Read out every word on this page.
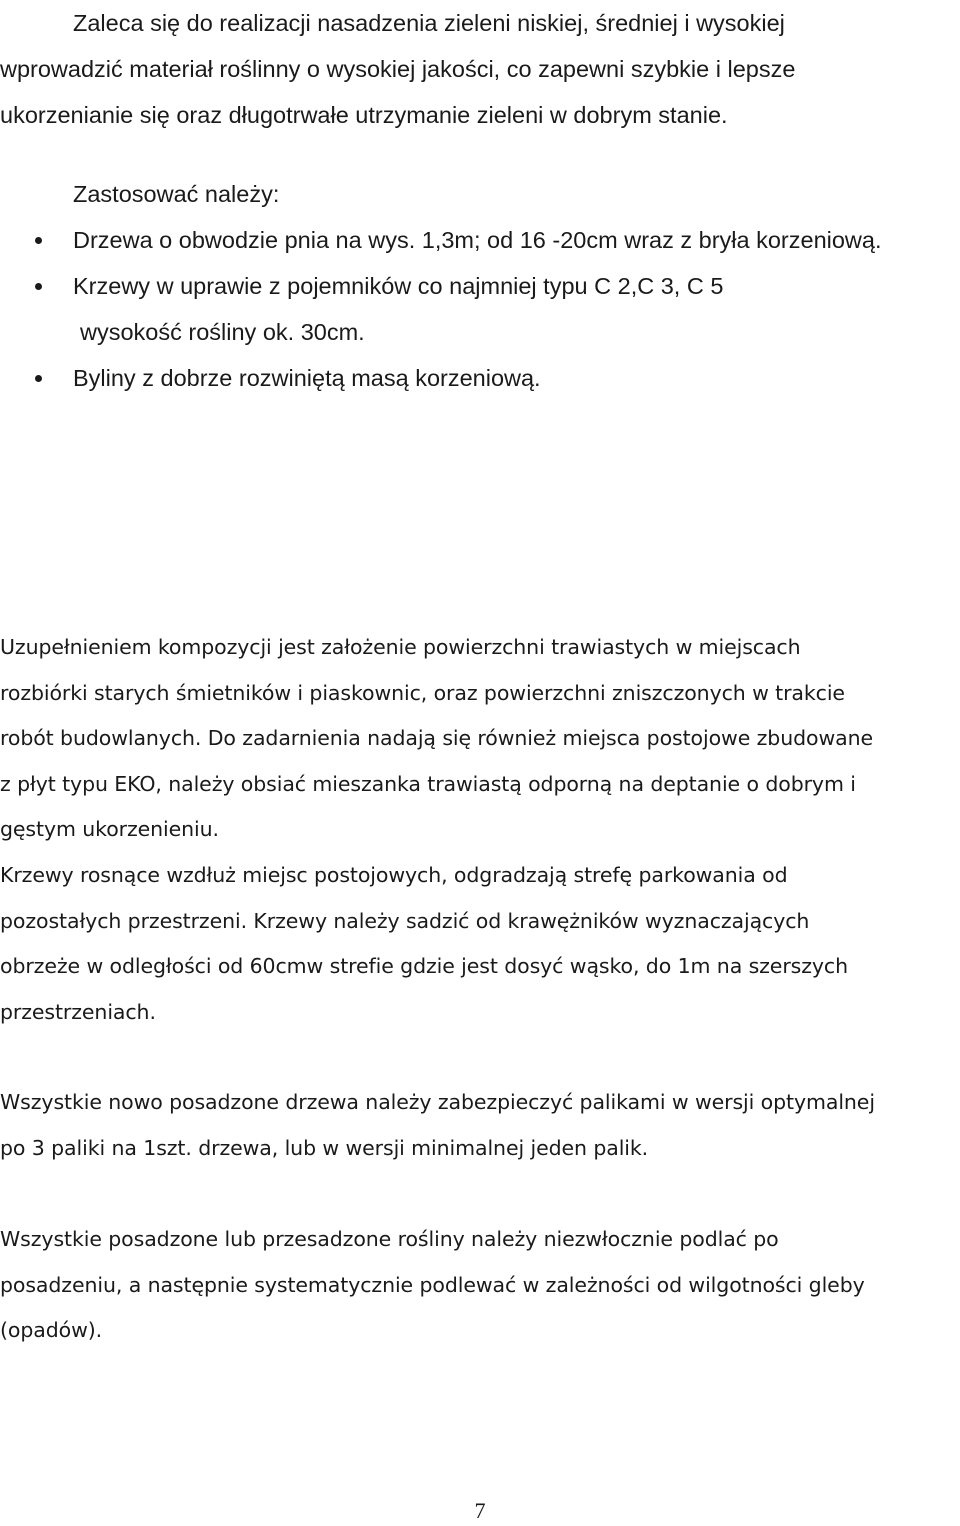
Zaleca się do realizacji nasadzenia zieleni niskiej, średniej i wysokiej
wprowadzić materiał roślinny o wysokiej jakości, co zapewni szybkie i lepsze
ukorzenianie się oraz długotrwałe utrzymanie zieleni w dobrym stanie.
Zastosować należy:
Drzewa o obwodzie pnia na wys. 1,3m; od 16 -20cm wraz z bryła korzeniową.
Krzewy w uprawie z pojemników co najmniej typu C 2,C 3, C 5
wysokość rośliny ok. 30cm.
Byliny z dobrze rozwiniętą masą korzeniową.
Uzupełnieniem kompozycji jest założenie powierzchni trawiastych w miejscach
rozbiórki starych śmietników i piaskownic, oraz powierzchni zniszczonych w trakcie
robót budowlanych. Do zadarnienia nadają się również miejsca postojowe zbudowane
z płyt typu EKO, należy obsiać mieszanka trawiastą odporną na deptanie o dobrym i
gęstym ukorzenieniu.
Krzewy rosnące wzdłuż miejsc postojowych, odgradzają strefę parkowania od
pozostałych przestrzeni. Krzewy należy sadzić od krawężników wyznaczających
obrzeże w odległości od 60cmw strefie gdzie jest dosyć wąsko, do 1m na szerszych
przestrzeniach.
Wszystkie nowo posadzone drzewa należy zabezpieczyć palikami w wersji optymalnej
po 3 paliki na 1szt. drzewa, lub w wersji minimalnej jeden palik.
Wszystkie posadzone lub przesadzone rośliny należy niezwłocznie podlać po
posadzeniu, a następnie systematycznie podlewać w zależności od wilgotności gleby
(opadów).
7
